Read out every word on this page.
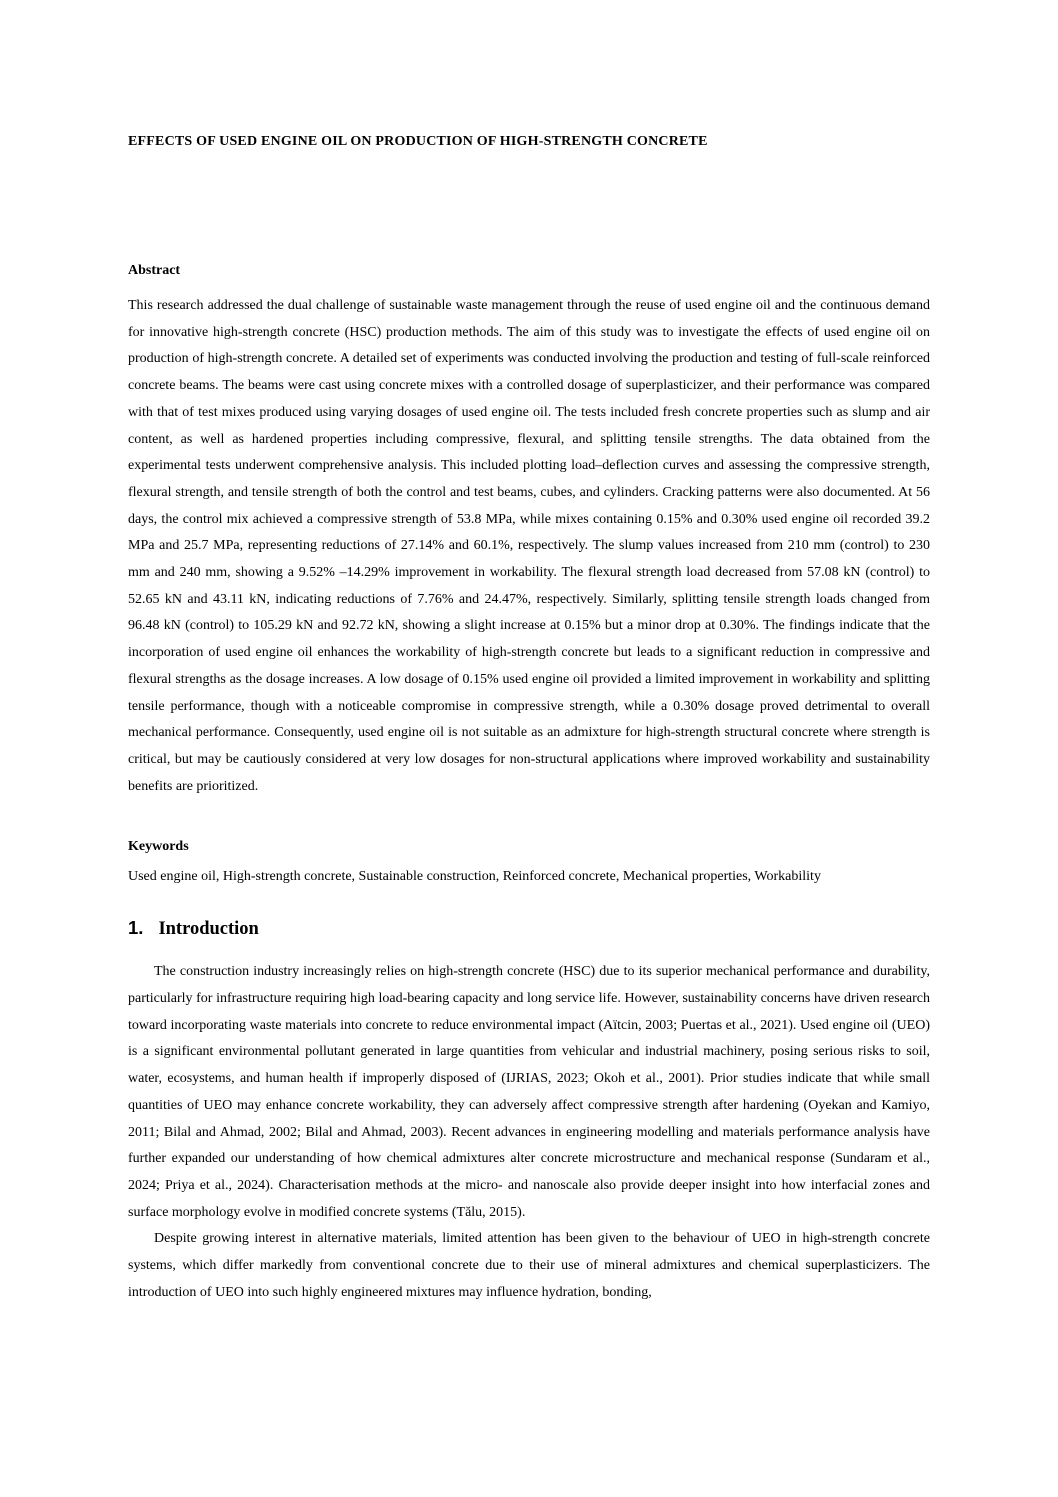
EFFECTS OF USED ENGINE OIL ON PRODUCTION OF HIGH-STRENGTH CONCRETE
Abstract

This research addressed the dual challenge of sustainable waste management through the reuse of used engine oil and the continuous demand for innovative high-strength concrete (HSC) production methods. The aim of this study was to investigate the effects of used engine oil on production of high-strength concrete. A detailed set of experiments was conducted involving the production and testing of full-scale reinforced concrete beams. The beams were cast using concrete mixes with a controlled dosage of superplasticizer, and their performance was compared with that of test mixes produced using varying dosages of used engine oil. The tests included fresh concrete properties such as slump and air content, as well as hardened properties including compressive, flexural, and splitting tensile strengths. The data obtained from the experimental tests underwent comprehensive analysis. This included plotting load–deflection curves and assessing the compressive strength, flexural strength, and tensile strength of both the control and test beams, cubes, and cylinders. Cracking patterns were also documented. At 56 days, the control mix achieved a compressive strength of 53.8 MPa, while mixes containing 0.15% and 0.30% used engine oil recorded 39.2 MPa and 25.7 MPa, representing reductions of 27.14% and 60.1%, respectively. The slump values increased from 210 mm (control) to 230 mm and 240 mm, showing a 9.52% –14.29% improvement in workability. The flexural strength load decreased from 57.08 kN (control) to 52.65 kN and 43.11 kN, indicating reductions of 7.76% and 24.47%, respectively. Similarly, splitting tensile strength loads changed from 96.48 kN (control) to 105.29 kN and 92.72 kN, showing a slight increase at 0.15% but a minor drop at 0.30%. The findings indicate that the incorporation of used engine oil enhances the workability of high-strength concrete but leads to a significant reduction in compressive and flexural strengths as the dosage increases. A low dosage of 0.15% used engine oil provided a limited improvement in workability and splitting tensile performance, though with a noticeable compromise in compressive strength, while a 0.30% dosage proved detrimental to overall mechanical performance. Consequently, used engine oil is not suitable as an admixture for high-strength structural concrete where strength is critical, but may be cautiously considered at very low dosages for non-structural applications where improved workability and sustainability benefits are prioritized.

Keywords

Used engine oil, High-strength concrete, Sustainable construction, Reinforced concrete, Mechanical properties, Workability

1. Introduction

The construction industry increasingly relies on high-strength concrete (HSC) due to its superior mechanical performance and durability, particularly for infrastructure requiring high load-bearing capacity and long service life. However, sustainability concerns have driven research toward incorporating waste materials into concrete to reduce environmental impact (Aïtcin, 2003; Puertas et al., 2021). Used engine oil (UEO) is a significant environmental pollutant generated in large quantities from vehicular and industrial machinery, posing serious risks to soil, water, ecosystems, and human health if improperly disposed of (IJRIAS, 2023; Okoh et al., 2001). Prior studies indicate that while small quantities of UEO may enhance concrete workability, they can adversely affect compressive strength after hardening (Oyekan and Kamiyo, 2011; Bilal and Ahmad, 2002; Bilal and Ahmad, 2003). Recent advances in engineering modelling and materials performance analysis have further expanded our understanding of how chemical admixtures alter concrete microstructure and mechanical response (Sundaram et al., 2024; Priya et al., 2024). Characterisation methods at the micro- and nanoscale also provide deeper insight into how interfacial zones and surface morphology evolve in modified concrete systems (Tălu, 2015).

Despite growing interest in alternative materials, limited attention has been given to the behaviour of UEO in high-strength concrete systems, which differ markedly from conventional concrete due to their use of mineral admixtures and chemical superplasticizers. The introduction of UEO into such highly engineered mixtures may influence hydration, bonding,
